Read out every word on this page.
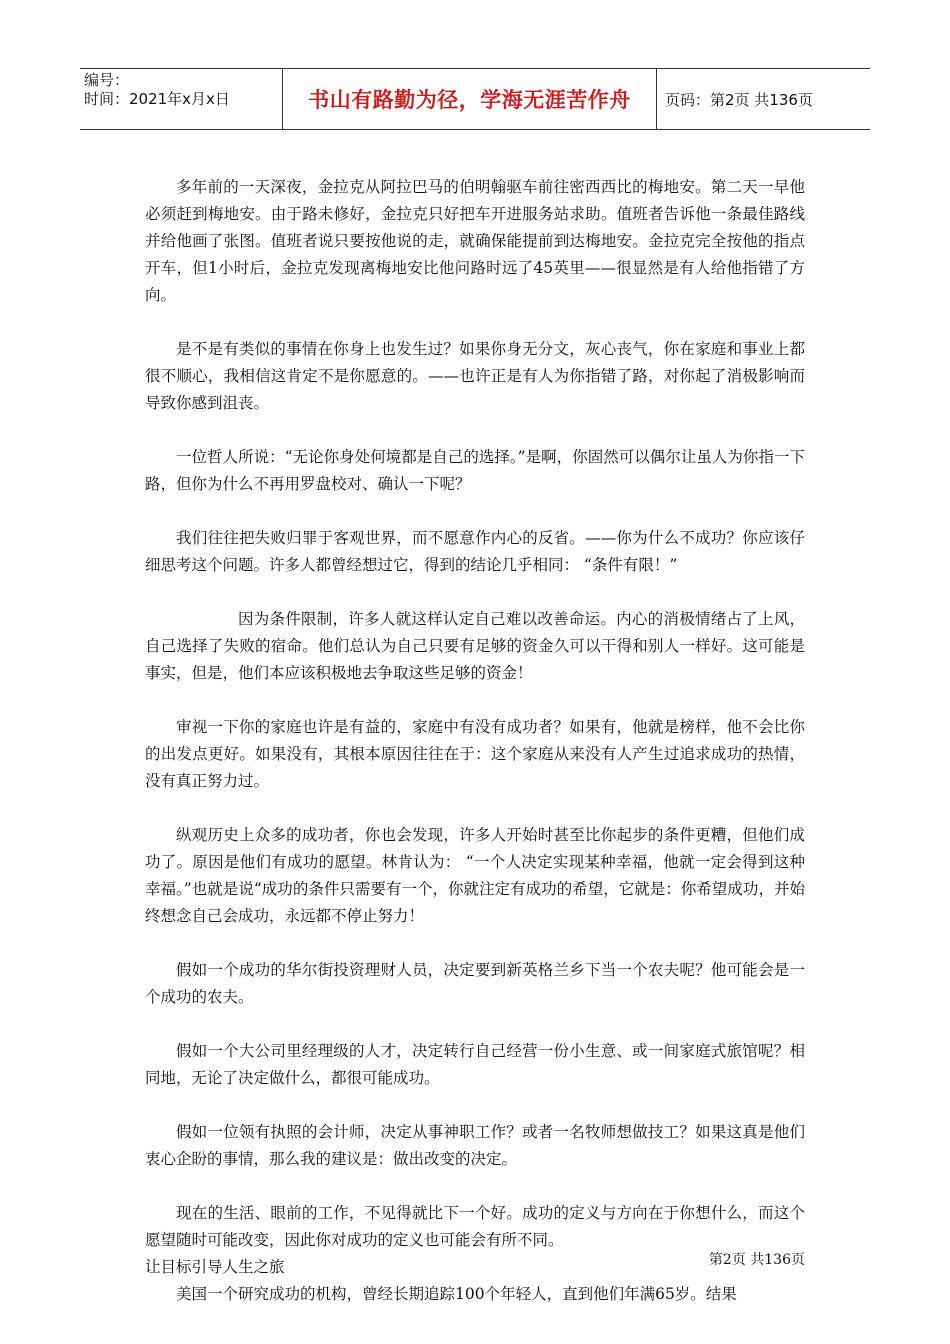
编号：
时间：2021年x月x日	书山有路勤为径，学海无涯苦作舟	页码：第2页 共136页

多年前的一天深夜，金拉克从阿拉巴马的伯明翰驱车前往密西西比的梅地安。第二天一早他必须赶到梅地安。由于路未修好，金拉克只好把车开进服务站求助。值班者告诉他一条最佳路线并给他画了张图。值班者说只要按他说的走，就确保能提前到达梅地安。金拉克完全按他的指点开车，但1小时后，金拉克发现离梅地安比他问路时远了45英里——很显然是有人给他指错了方向。

是不是有类似的事情在你身上也发生过？如果你身无分文，灰心丧气，你在家庭和事业上都很不顺心，我相信这肯定不是你愿意的。——也许正是有人为你指错了路，对你起了消极影响而导致你感到沮丧。

一位哲人所说：“无论你身处何境都是自己的选择。”是啊，你固然可以偶尔让虽人为你指一下路，但你为什么不再用罗盘校对、确认一下呢？

我们往往把失败归罪于客观世界，而不愿意作内心的反省。——你为什么不成功？你应该仔细思考这个问题。许多人都曾经想过它，得到的结论几乎相同： “条件有限！”

因为条件限制，许多人就这样认定自己难以改善命运。内心的消极情绪占了上风，自己选择了失败的宿命。他们总认为自己只要有足够的资金久可以干得和别人一样好。这可能是事实，但是，他们本应该积极地去争取这些足够的资金！

审视一下你的家庭也许是有益的，家庭中有没有成功者？如果有，他就是榜样，他不会比你的出发点更好。如果没有，其根本原因往往在于：这个家庭从来没有人产生过追求成功的热情，没有真正努力过。

纵观历史上众多的成功者，你也会发现，许多人开始时甚至比你起步的条件更糟，但他们成功了。原因是他们有成功的愿望。林肯认为： “一个人决定实现某种幸福，他就一定会得到这种幸福。”也就是说“成功的条件只需要有一个，你就注定有成功的希望，它就是：你希望成功，并始终想念自己会成功，永远都不停止努力！

假如一个成功的华尔街投资理财人员，决定要到新英格兰乡下当一个农夫呢？他可能会是一个成功的农夫。

假如一个大公司里经理级的人才，决定转行自己经营一份小生意、或一间家庭式旅馆呢？相同地，无论了决定做什么，都很可能成功。

假如一位领有执照的会计师，决定从事神职工作？或者一名牧师想做技工？如果这真是他们衷心企盼的事情，那么我的建议是：做出改变的决定。

现在的生活、眼前的工作，不见得就比下一个好。成功的定义与方向在于你想什么，而这个愿望随时可能改变，因此你对成功的定义也可能会有所不同。

让目标引导人生之旅

美国一个研究成功的机构，曾经长期追踪100个年轻人，直到他们年满65岁。结果

第2页 共136页
